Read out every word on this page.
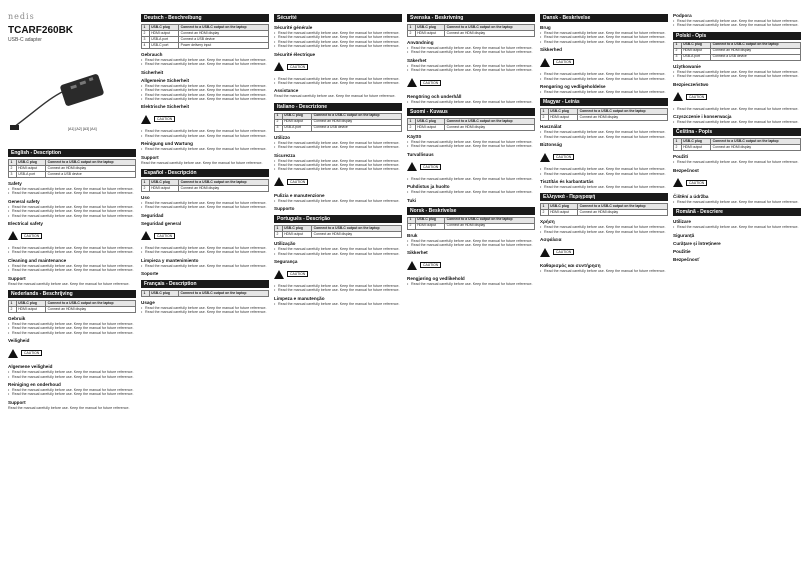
nedis
TCARF260BK
USB-C adapter
[A1] [A2] [A3] [A4]
English - Description
1	USB-C plug	Connect to a USB-C output on the laptop
2	HDMI output	Connect an HDMI display
3	USB-A port	Connect a USB device
Safety
• Read the manual carefully before use. Keep the manual for future reference.
• Read the manual carefully before use. Keep the manual for future reference.
General safety
• Read the manual carefully before use. Keep the manual for future reference.
• Read the manual carefully before use. Keep the manual for future reference.
• Read the manual carefully before use. Keep the manual for future reference.
Electrical safety
CAUTION
• Read the manual carefully before use. Keep the manual for future reference.
• Read the manual carefully before use. Keep the manual for future reference.
Cleaning and maintenance
• Read the manual carefully before use. Keep the manual for future reference.
• Read the manual carefully before use. Keep the manual for future reference.
Support
Read the manual carefully before use. Keep the manual for future reference.
Nederlands - Beschrijving
1	USB-C plug	Connect to a USB-C output on the laptop
2	HDMI output	Connect an HDMI display
Gebruik
• Read the manual carefully before use. Keep the manual for future reference.
• Read the manual carefully before use. Keep the manual for future reference.
• Read the manual carefully before use. Keep the manual for future reference.
Veiligheid
CAUTION
Algemene veiligheid
• Read the manual carefully before use. Keep the manual for future reference.
• Read the manual carefully before use. Keep the manual for future reference.
Reiniging en onderhoud
• Read the manual carefully before use. Keep the manual for future reference.
• Read the manual carefully before use. Keep the manual for future reference.
Support
Read the manual carefully before use. Keep the manual for future reference.
Deutsch - Beschreibung
1	USB-C plug	Connect to a USB-C output on the laptop
2	HDMI output	Connect an HDMI display
3	USB-A port	Connect a USB device
4	USB-C port	Power delivery input
Gebrauch
• Read the manual carefully before use. Keep the manual for future reference.
• Read the manual carefully before use. Keep the manual for future reference.
Sicherheit
Allgemeine Sicherheit
• Read the manual carefully before use. Keep the manual for future reference.
• Read the manual carefully before use. Keep the manual for future reference.
• Read the manual carefully before use. Keep the manual for future reference.
• Read the manual carefully before use. Keep the manual for future reference.
Elektrische Sicherheit
CAUTION
• Read the manual carefully before use. Keep the manual for future reference.
• Read the manual carefully before use. Keep the manual for future reference.
Reinigung und Wartung
• Read the manual carefully before use. Keep the manual for future reference.
Support
Read the manual carefully before use. Keep the manual for future reference.
Español - Descripción
1	USB-C plug	Connect to a USB-C output on the laptop
2	HDMI output	Connect an HDMI display
Uso
• Read the manual carefully before use. Keep the manual for future reference.
• Read the manual carefully before use. Keep the manual for future reference.
Seguridad
Seguridad general
CAUTION
• Read the manual carefully before use. Keep the manual for future reference.
• Read the manual carefully before use. Keep the manual for future reference.
Limpieza y mantenimiento
• Read the manual carefully before use. Keep the manual for future reference.
Soporte
Français - Description
1	USB-C plug	Connect to a USB-C output on the laptop
Usage
• Read the manual carefully before use. Keep the manual for future reference.
• Read the manual carefully before use. Keep the manual for future reference.
Sécurité
Sécurité générale
• Read the manual carefully before use. Keep the manual for future reference.
• Read the manual carefully before use. Keep the manual for future reference.
• Read the manual carefully before use. Keep the manual for future reference.
• Read the manual carefully before use. Keep the manual for future reference.
Sécurité électrique
CAUTION
• Read the manual carefully before use. Keep the manual for future reference.
• Read the manual carefully before use. Keep the manual for future reference.
Assistance
Read the manual carefully before use. Keep the manual for future reference.
Italiano - Descrizione
1	USB-C plug	Connect to a USB-C output on the laptop
2	HDMI output	Connect an HDMI display
3	USB-A port	Connect a USB device
Utilizzo
• Read the manual carefully before use. Keep the manual for future reference.
• Read the manual carefully before use. Keep the manual for future reference.
Sicurezza
• Read the manual carefully before use. Keep the manual for future reference.
• Read the manual carefully before use. Keep the manual for future reference.
• Read the manual carefully before use. Keep the manual for future reference.
CAUTION
Pulizia e manutenzione
• Read the manual carefully before use. Keep the manual for future reference.
Supporto
Português - Descrição
1	USB-C plug	Connect to a USB-C output on the laptop
2	HDMI output	Connect an HDMI display
Utilização
• Read the manual carefully before use. Keep the manual for future reference.
• Read the manual carefully before use. Keep the manual for future reference.
Segurança
CAUTION
• Read the manual carefully before use. Keep the manual for future reference.
• Read the manual carefully before use. Keep the manual for future reference.
Limpeza e manutenção
• Read the manual carefully before use. Keep the manual for future reference.
Svenska - Beskrivning
1	USB-C plug	Connect to a USB-C output on the laptop
2	HDMI output	Connect an HDMI display
Användning
• Read the manual carefully before use. Keep the manual for future reference.
• Read the manual carefully before use. Keep the manual for future reference.
Säkerhet
• Read the manual carefully before use. Keep the manual for future reference.
• Read the manual carefully before use. Keep the manual for future reference.
CAUTION
Rengöring och underhåll
• Read the manual carefully before use. Keep the manual for future reference.
Suomi - Kuvaus
1	USB-C plug	Connect to a USB-C output on the laptop
2	HDMI output	Connect an HDMI display
Käyttö
• Read the manual carefully before use. Keep the manual for future reference.
• Read the manual carefully before use. Keep the manual for future reference.
Turvallisuus
CAUTION
• Read the manual carefully before use. Keep the manual for future reference.
Puhdistus ja huolto
• Read the manual carefully before use. Keep the manual for future reference.
Tuki
Norsk - Beskrivelse
1	USB-C plug	Connect to a USB-C output on the laptop
2	HDMI output	Connect an HDMI display
Bruk
• Read the manual carefully before use. Keep the manual for future reference.
• Read the manual carefully before use. Keep the manual for future reference.
Sikkerhet
CAUTION
Rengjøring og vedlikehold
• Read the manual carefully before use. Keep the manual for future reference.
Dansk - Beskrivelse
Brug
• Read the manual carefully before use. Keep the manual for future reference.
• Read the manual carefully before use. Keep the manual for future reference.
• Read the manual carefully before use. Keep the manual for future reference.
Sikkerhed
CAUTION
• Read the manual carefully before use. Keep the manual for future reference.
• Read the manual carefully before use. Keep the manual for future reference.
Rengøring og vedligeholdelse
• Read the manual carefully before use. Keep the manual for future reference.
Magyar - Leírás
1	USB-C plug	Connect to a USB-C output on the laptop
2	HDMI output	Connect an HDMI display
Használat
• Read the manual carefully before use. Keep the manual for future reference.
• Read the manual carefully before use. Keep the manual for future reference.
Biztonság
CAUTION
• Read the manual carefully before use. Keep the manual for future reference.
• Read the manual carefully before use. Keep the manual for future reference.
Tisztítás és karbantartás
• Read the manual carefully before use. Keep the manual for future reference.
Ελληνικά - Περιγραφή
1	USB-C plug	Connect to a USB-C output on the laptop
2	HDMI output	Connect an HDMI display
Χρήση
• Read the manual carefully before use. Keep the manual for future reference.
• Read the manual carefully before use. Keep the manual for future reference.
Ασφάλεια
CAUTION
Καθαρισμός και συντήρηση
• Read the manual carefully before use. Keep the manual for future reference.
Podpora
• Read the manual carefully before use. Keep the manual for future reference.
• Read the manual carefully before use. Keep the manual for future reference.
Polski - Opis
1	USB-C plug	Connect to a USB-C output on the laptop
2	HDMI output	Connect an HDMI display
3	USB-A port	Connect a USB device
Użytkowanie
• Read the manual carefully before use. Keep the manual for future reference.
• Read the manual carefully before use. Keep the manual for future reference.
Bezpieczeństwo
CAUTION
• Read the manual carefully before use. Keep the manual for future reference.
Czyszczenie i konserwacja
• Read the manual carefully before use. Keep the manual for future reference.
Čeština - Popis
1	USB-C plug	Connect to a USB-C output on the laptop
2	HDMI output	Connect an HDMI display
Použití
• Read the manual carefully before use. Keep the manual for future reference.
Bezpečnost
CAUTION
Čištění a údržba
• Read the manual carefully before use. Keep the manual for future reference.
Română - Descriere
Utilizare
• Read the manual carefully before use. Keep the manual for future reference.
Siguranță
Curățare și întreținere
Použitie
Bezpečnosť
